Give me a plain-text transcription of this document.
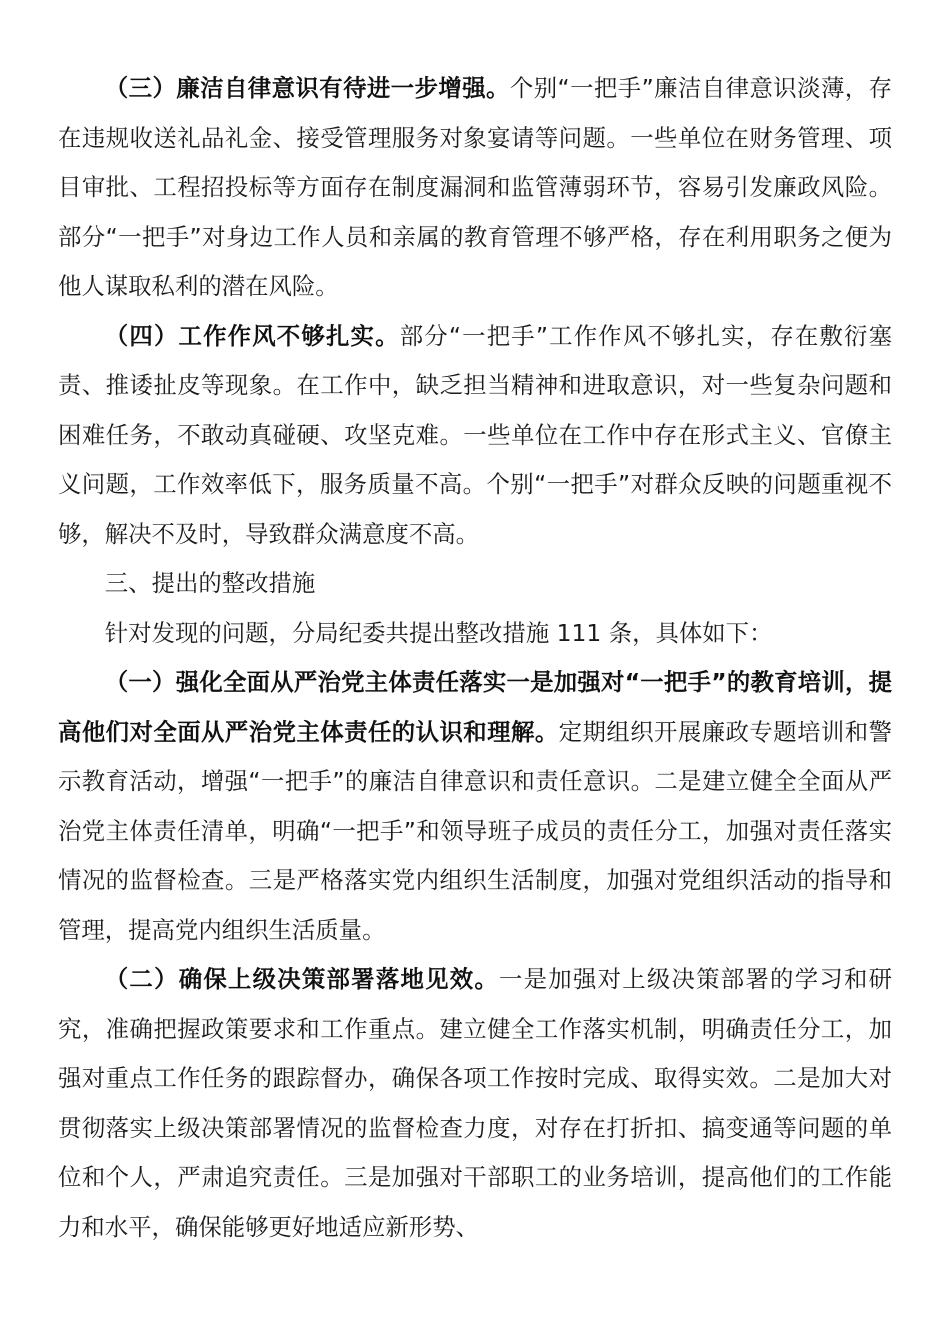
（三）廉洁自律意识有待进一步增强。个别“一把手”廉洁自律意识淡薄，存在违规收送礼品礼金、接受管理服务对象宴请等问题。一些单位在财务管理、项目审批、工程招投标等方面存在制度漏洞和监管薄弱环节，容易引发廉政风险。部分“一把手”对身边工作人员和亲属的教育管理不够严格，存在利用职务之便为他人谋取私利的潜在风险。

（四）工作作风不够扎实。部分“一把手”工作作风不够扎实，存在敷衍塞责、推诿扯皮等现象。在工作中，缺乏担当精神和进取意识，对一些复杂问题和困难任务，不敢动真碰硬、攻坚克难。一些单位在工作中存在形式主义、官僚主义问题，工作效率低下，服务质量不高。个别“一把手”对群众反映的问题重视不够，解决不及时，导致群众满意度不高。

三、提出的整改措施

针对发现的问题，分局纪委共提出整改措施 111 条，具体如下：

（一）强化全面从严治党主体责任落实一是加强对“一把手”的教育培训，提高他们对全面从严治党主体责任的认识和理解。定期组织开展廉政专题培训和警示教育活动，增强“一把手”的廉洁自律意识和责任意识。二是建立健全全面从严治党主体责任清单，明确“一把手”和领导班子成员的责任分工，加强对责任落实情况的监督检查。三是严格落实党内组织生活制度，加强对党组织活动的指导和管理，提高党内组织生活质量。

（二）确保上级决策部署落地见效。一是加强对上级决策部署的学习和研究，准确把握政策要求和工作重点。建立健全工作落实机制，明确责任分工，加强对重点工作任务的跟踪督办，确保各项工作按时完成、取得实效。二是加大对贯彻落实上级决策部署情况的监督检查力度，对存在打折扣、搞变通等问题的单位和个人，严肃追究责任。三是加强对干部职工的业务培训，提高他们的工作能力和水平，确保能够更好地适应新形势、
